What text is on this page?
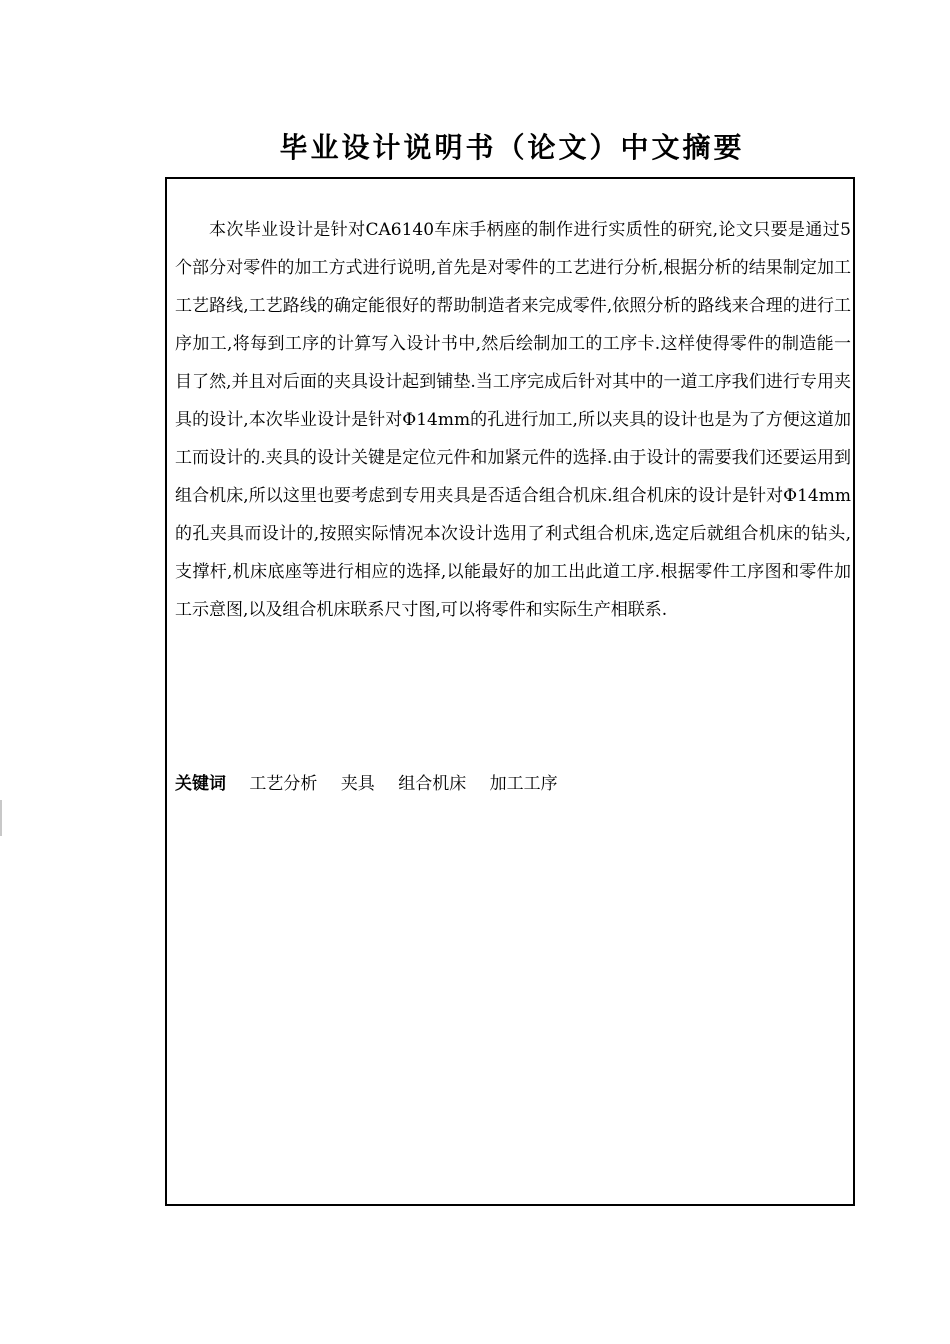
毕业设计说明书（论文）中文摘要
本次毕业设计是针对CA6140车床手柄座的制作进行实质性的研究,论文只要是通过5个部分对零件的加工方式进行说明,首先是对零件的工艺进行分析,根据分析的结果制定加工工艺路线,工艺路线的确定能很好的帮助制造者来完成零件,依照分析的路线来合理的进行工序加工,将每到工序的计算写入设计书中,然后绘制加工的工序卡.这样使得零件的制造能一目了然,并且对后面的夹具设计起到铺垫.当工序完成后针对其中的一道工序我们进行专用夹具的设计,本次毕业设计是针对Φ14mm的孔进行加工,所以夹具的设计也是为了方便这道加工而设计的.夹具的设计关键是定位元件和加紧元件的选择.由于设计的需要我们还要运用到组合机床,所以这里也要考虑到专用夹具是否适合组合机床.组合机床的设计是针对Φ14mm的孔夹具而设计的,按照实际情况本次设计选用了利式组合机床,选定后就组合机床的钻头,支撑杆,机床底座等进行相应的选择,以能最好的加工出此道工序.根据零件工序图和零件加工示意图,以及组合机床联系尺寸图,可以将零件和实际生产相联系.
关键词 工艺分析 夹具 组合机床 加工工序
